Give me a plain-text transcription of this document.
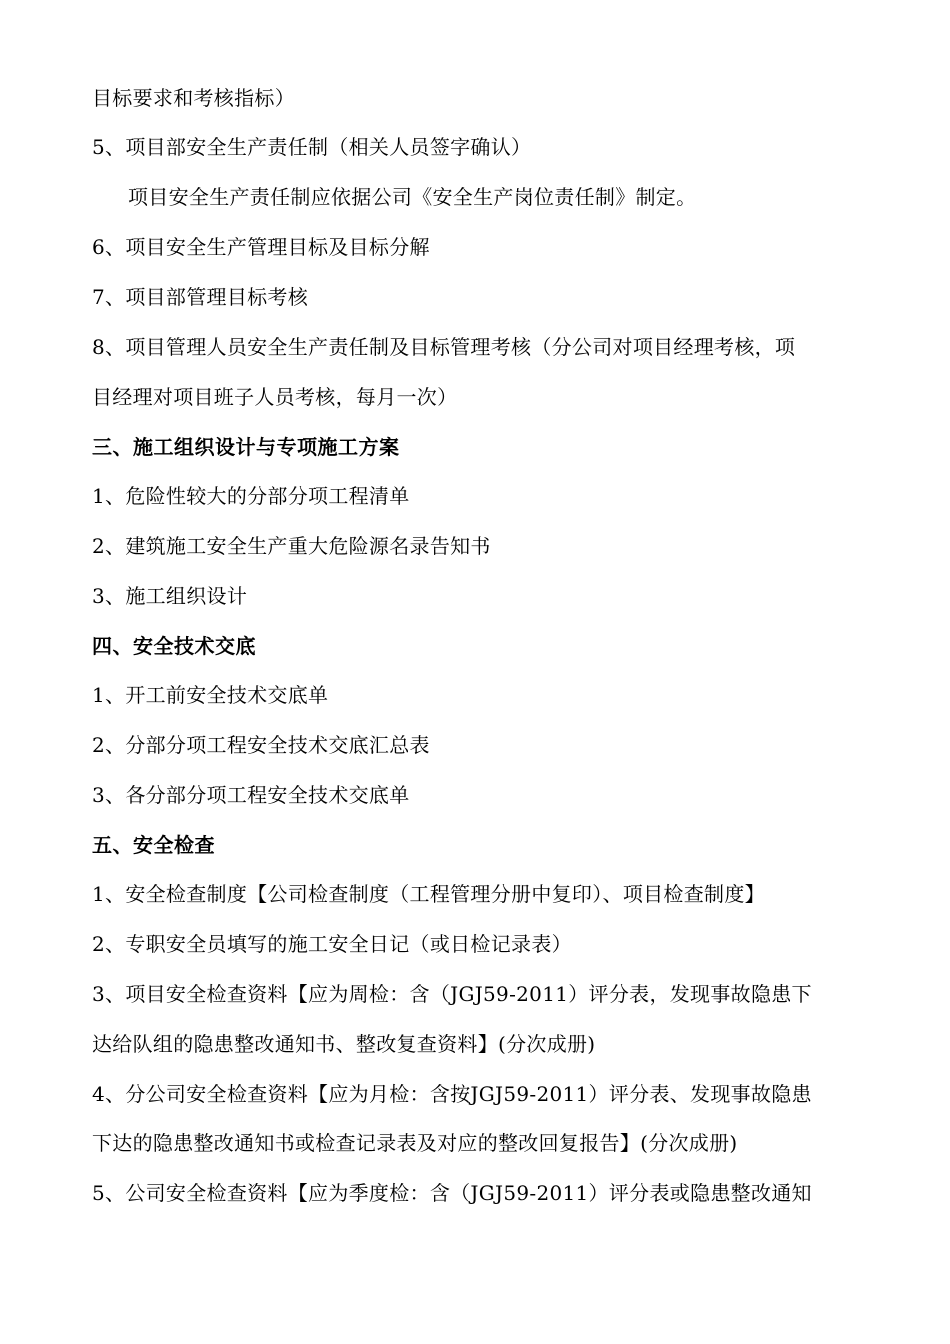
目标要求和考核指标）
5、项目部安全生产责任制（相关人员签字确认）
项目安全生产责任制应依据公司《安全生产岗位责任制》制定。
6、项目安全生产管理目标及目标分解
7、项目部管理目标考核
8、项目管理人员安全生产责任制及目标管理考核（分公司对项目经理考核，项
目经理对项目班子人员考核，每月一次）
三、施工组织设计与专项施工方案
1、危险性较大的分部分项工程清单
2、建筑施工安全生产重大危险源名录告知书
3、施工组织设计
四、安全技术交底
1、开工前安全技术交底单
2、分部分项工程安全技术交底汇总表
3、各分部分项工程安全技术交底单
五、安全检查
1、安全检查制度【公司检查制度（工程管理分册中复印）、项目检查制度】
2、专职安全员填写的施工安全日记（或日检记录表）
3、项目安全检查资料【应为周检：含（JGJ59-2011）评分表，发现事故隐患下
达给队组的隐患整改通知书、整改复查资料】(分次成册)
4、分公司安全检查资料【应为月检：含按JGJ59-2011）评分表、发现事故隐患
下达的隐患整改通知书或检查记录表及对应的整改回复报告】(分次成册)
5、公司安全检查资料【应为季度检：含（JGJ59-2011）评分表或隐患整改通知
